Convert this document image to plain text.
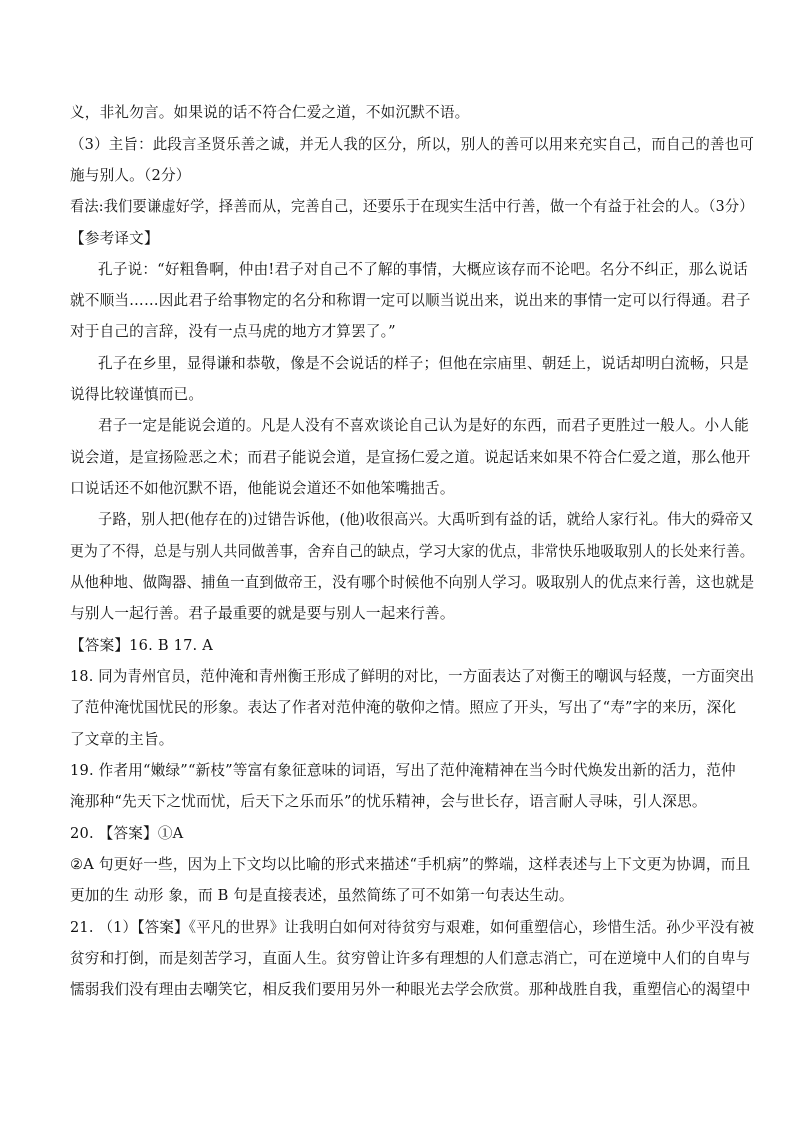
义，非礼勿言。如果说的话不符合仁爱之道，不如沉默不语。
（3）主旨：此段言圣贤乐善之诚，并无人我的区分，所以，别人的善可以用来充实自己，而自己的善也可
施与别人。（2分）
看法:我们要谦虚好学，择善而从，完善自己，还要乐于在现实生活中行善，做一个有益于社会的人。（3分）
【参考译文】
孔子说：“好粗鲁啊，仲由!君子对自己不了解的事情，大概应该存而不论吧。名分不纠正，那么说话
就不顺当……因此君子给事物定的名分和称谓一定可以顺当说出来，说出来的事情一定可以行得通。君子
对于自己的言辞，没有一点马虎的地方才算罢了。”
孔子在乡里，显得谦和恭敬，像是不会说话的样子；但他在宗庙里、朝廷上，说话却明白流畅，只是
说得比较谨慎而已。
君子一定是能说会道的。凡是人没有不喜欢谈论自己认为是好的东西，而君子更胜过一般人。小人能
说会道，是宣扬险恶之术；而君子能说会道，是宣扬仁爱之道。说起话来如果不符合仁爱之道，那么他开
口说话还不如他沉默不语，他能说会道还不如他笨嘴拙舌。
子路，别人把(他存在的)过错告诉他，(他)收很高兴。大禹听到有益的话，就给人家行礼。伟大的舜帝又
更为了不得，总是与别人共同做善事，舍弃自己的缺点，学习大家的优点，非常快乐地吸取别人的长处来行善。
从他种地、做陶器、捕鱼一直到做帝王，没有哪个时候他不向别人学习。吸取别人的优点来行善，这也就是
与别人一起行善。君子最重要的就是要与别人一起来行善。
【答案】16. B 17. A
18. 同为青州官员，范仲淹和青州衡王形成了鲜明的对比，一方面表达了对衡王的嘲讽与轻蔑，一方面突出
了范仲淹忧国忧民的形象。表达了作者对范仲淹的敬仰之情。照应了开头，写出了“寿”字的来历，深化
了文章的主旨。
19. 作者用“嫩绿”“新枝”等富有象征意味的词语，写出了范仲淹精神在当今时代焕发出新的活力，范仲
淹那种“先天下之忧而忧，后天下之乐而乐”的忧乐精神，会与世长存，语言耐人寻味，引人深思。
20. 【答案】①A
②A 句更好一些，因为上下文均以比喻的形式来描述“手机病”的弊端，这样表述与上下文更为协调，而且
更加的生 动形 象，而 B 句是直接表述，虽然简练了可不如第一句表达生动。
21. （1）【答案】《平凡的世界》让我明白如何对待贫穷与艰难，如何重塑信心，珍惜生活。孙少平没有被
贫穷和打倒，而是刻苦学习，直面人生。贫穷曾让许多有理想的人们意志消亡，可在逆境中人们的自卑与
懦弱我们没有理由去嘲笑它，相反我们要用另外一种眼光去学会欣赏。那种战胜自我，重塑信心的渴望中
